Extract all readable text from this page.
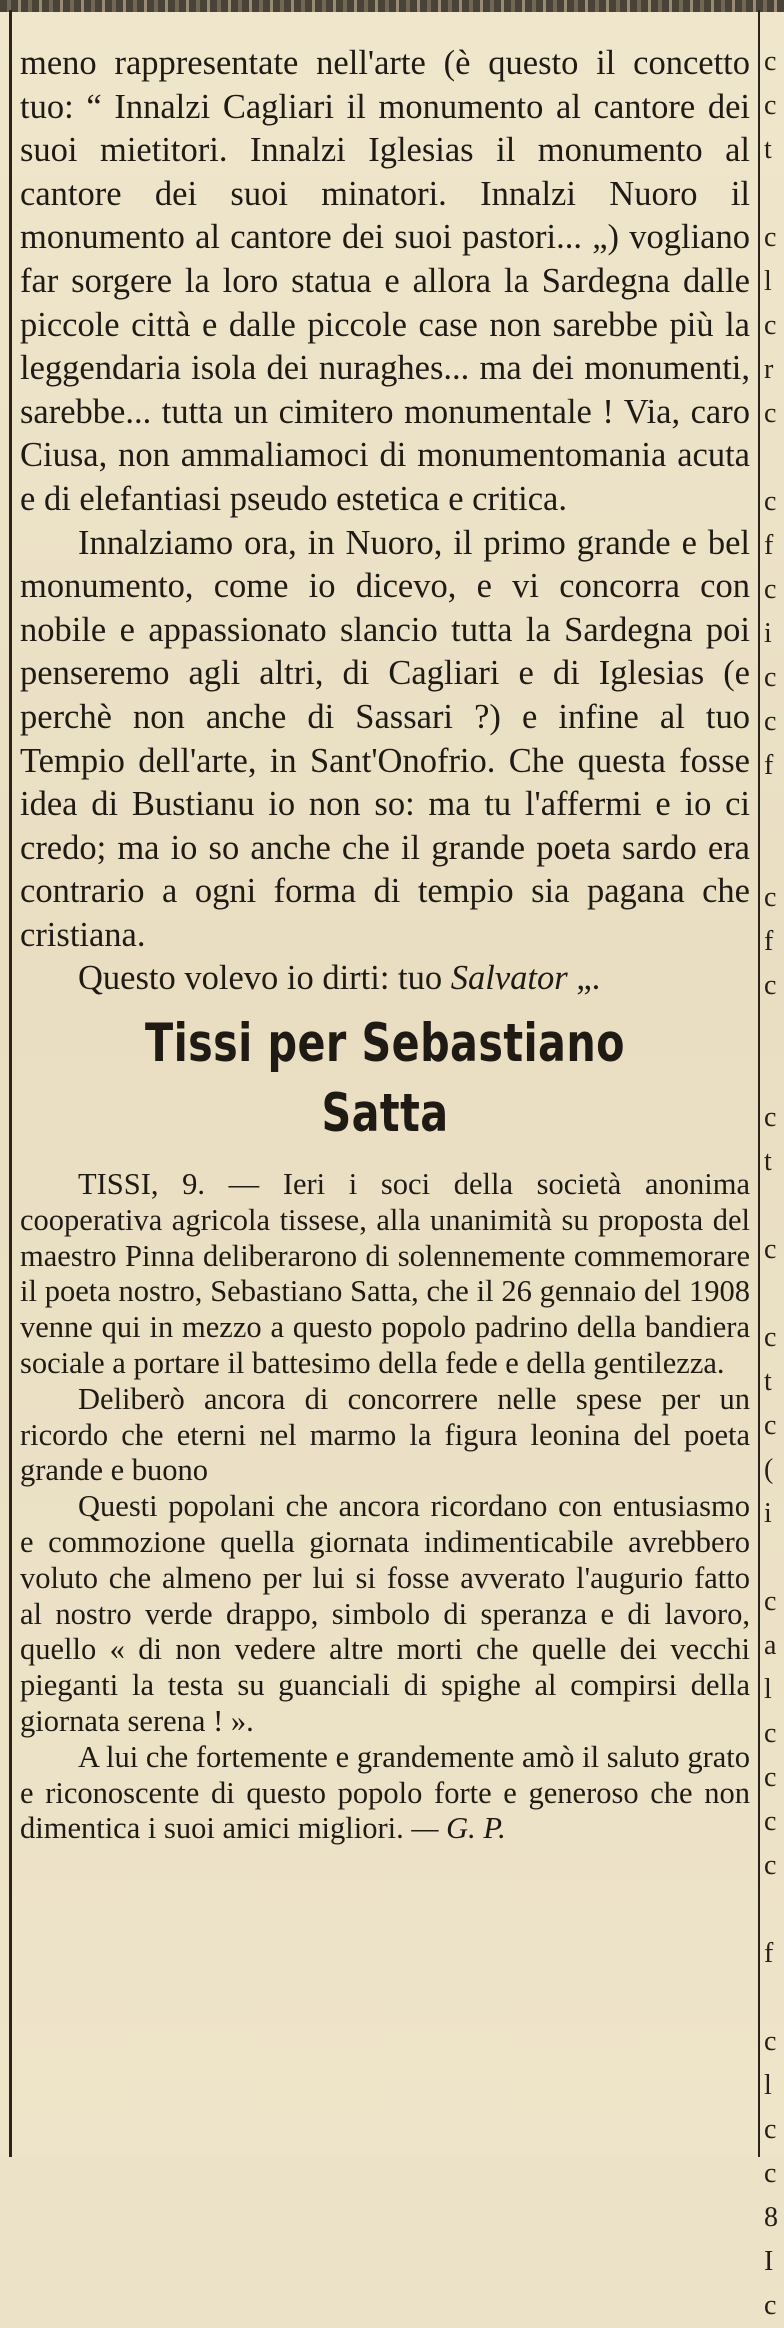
meno rappresentate nell'arte (è questo il concetto tuo: “ Innalzi Cagliari il monumento al cantore dei suoi mietitori. Innalzi Iglesias il monumento al cantore dei suoi minatori. Innalzi Nuoro il monumento al cantore dei suoi pastori... „) vogliano far sorgere la loro statua e allora la Sardegna dalle piccole città e dalle piccole case non sarebbe più la leggendaria isola dei nuraghes... ma dei monumenti, sarebbe... tutta un cimitero monumentale ! Via, caro Ciusa, non ammaliamoci di monumentomania acuta e di elefantiasi pseudo estetica e critica.

Innalziamo ora, in Nuoro, il primo grande e bel monumento, come io dicevo, e vi concorra con nobile e appassionato slancio tutta la Sardegna poi penseremo agli altri, di Cagliari e di Iglesias (e perchè non anche di Sassari ?) e infine al tuo Tempio dell'arte, in Sant'Onofrio. Che questa fosse idea di Bustianu io non so: ma tu l'affermi e io ci credo; ma io so anche che il grande poeta sardo era contrario a ogni forma di tempio sia pagana che cristiana.

Questo volevo io dirti: tuo Salvator „.

Tissi per Sebastiano Satta

TISSI, 9. — Ieri i soci della società anonima cooperativa agricola tissese, alla unanimità su proposta del maestro Pinna deliberarono di solennemente commemorare il poeta nostro, Sebastiano Satta, che il 26 gennaio del 1908 venne qui in mezzo a questo popolo padrino della bandiera sociale a portare il battesimo della fede e della gentilezza.

Deliberò ancora di concorrere nelle spese per un ricordo che eterni nel marmo la figura leonina del poeta grande e buono

Questi popolani che ancora ricordano con entusiasmo e commozione quella giornata indimenticabile avrebbero voluto che almeno per lui si fosse avverato l'augurio fatto al nostro verde drappo, simbolo di speranza e di lavoro, quello « di non vedere altre morti che quelle dei vecchi pieganti la testa su guanciali di spighe al compirsi della giornata serena ! ».

A lui che fortemente e grandemente amò il saluto grato e riconoscente di questo popolo forte e generoso che non dimentica i suoi amici migliori. — G. P.

c
c
t

c
l
c
r
c

c
f
c
i
c
c
f

c
f
c

c
t

c

c
t
c
(
i

c
a
l
c
c
c
c

f

c
l
c
c
8
I
c
